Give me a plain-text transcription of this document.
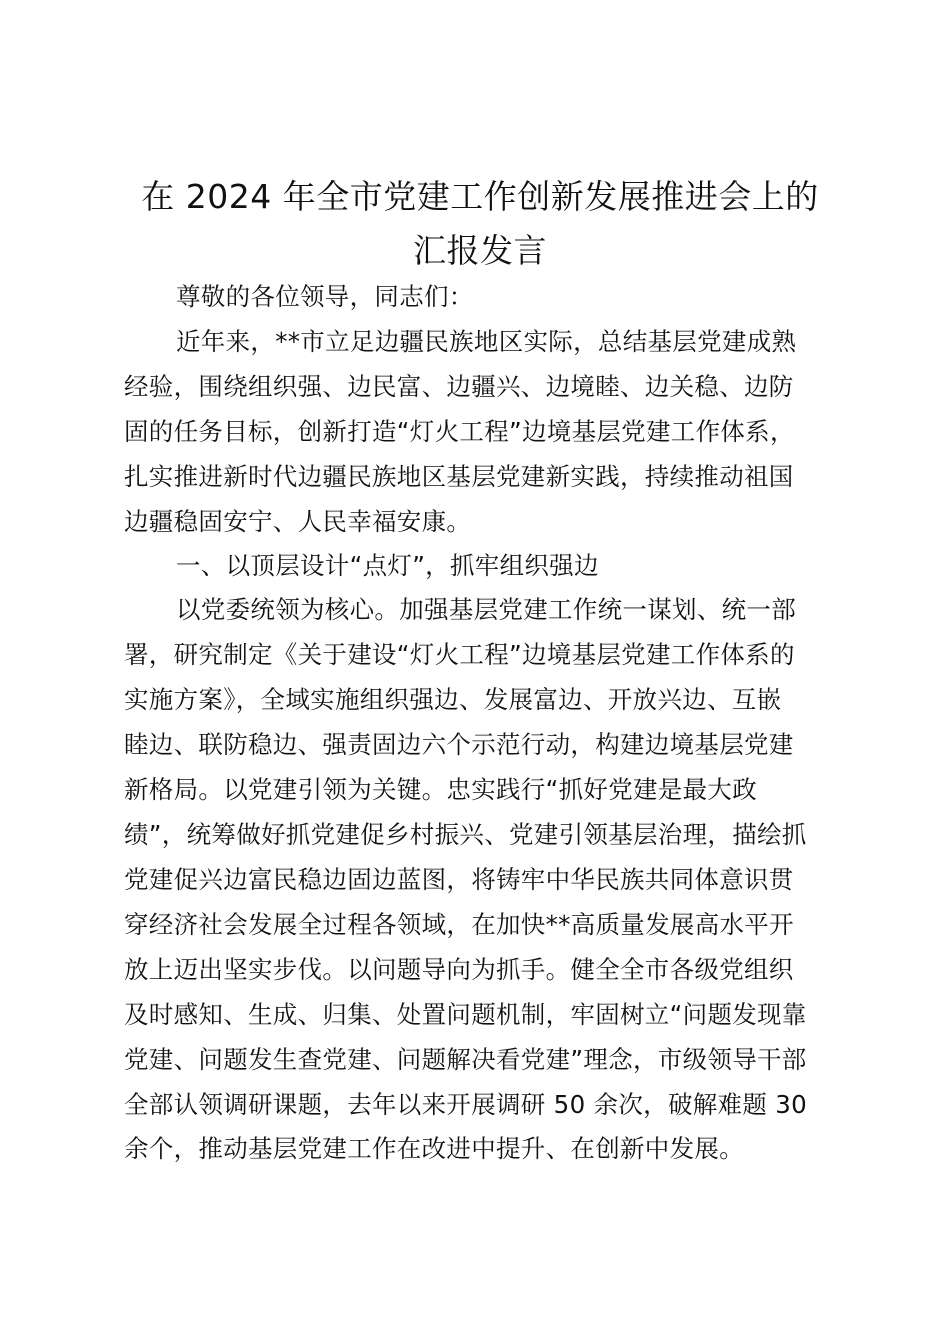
在 2024 年全市党建工作创新发展推进会上的
汇报发言
尊敬的各位领导，同志们：
近年来，**市立足边疆民族地区实际，总结基层党建成熟
经验，围绕组织强、边民富、边疆兴、边境睦、边关稳、边防
固的任务目标，创新打造“灯火工程”边境基层党建工作体系，
扎实推进新时代边疆民族地区基层党建新实践，持续推动祖国
边疆稳固安宁、人民幸福安康。
一、以顶层设计“点灯”，抓牢组织强边
以党委统领为核心。加强基层党建工作统一谋划、统一部
署，研究制定《关于建设“灯火工程”边境基层党建工作体系的
实施方案》，全域实施组织强边、发展富边、开放兴边、互嵌
睦边、联防稳边、强责固边六个示范行动，构建边境基层党建
新格局。以党建引领为关键。忠实践行“抓好党建是最大政
绩”，统筹做好抓党建促乡村振兴、党建引领基层治理，描绘抓
党建促兴边富民稳边固边蓝图，将铸牢中华民族共同体意识贯
穿经济社会发展全过程各领域，在加快**高质量发展高水平开
放上迈出坚实步伐。以问题导向为抓手。健全全市各级党组织
及时感知、生成、归集、处置问题机制，牢固树立“问题发现靠
党建、问题发生查党建、问题解决看党建”理念，市级领导干部
全部认领调研课题，去年以来开展调研 50 余次，破解难题 30
余个，推动基层党建工作在改进中提升、在创新中发展。
